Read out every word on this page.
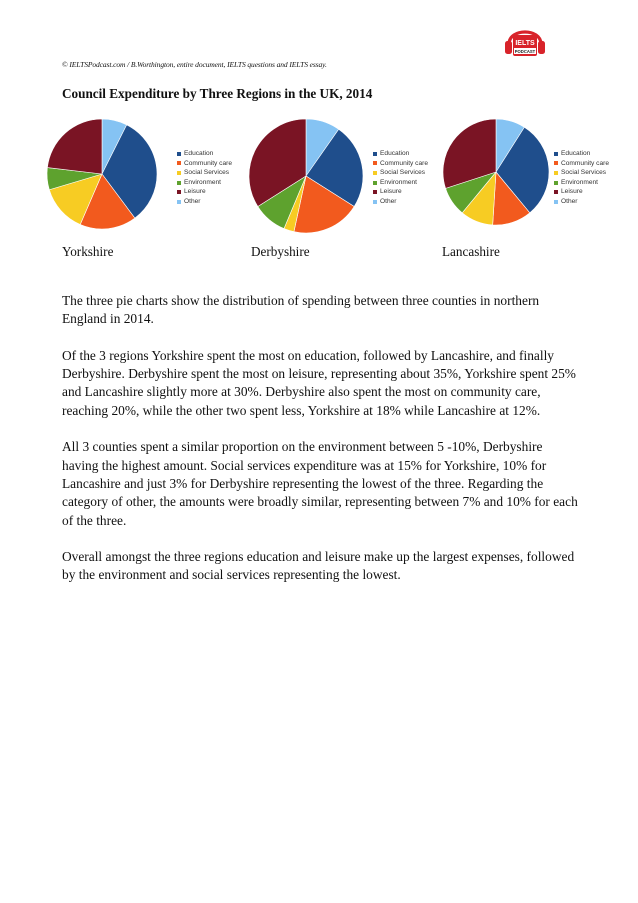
IELTS
PODCAST
© IELTSPodcast.com / B.Worthington, entire document, IELTS questions and IELTS essay.
Council Expenditure by Three Regions in the UK, 2014
Education
Community care
Social Services
Environment
Leisure
Other
Education
Community care
Social Services
Environment
Leisure
Other
Education
Community care
Social Services
Environment
Leisure
Other
Yorkshire	Derbyshire	Lancashire

The three pie charts show the distribution of spending between three counties in northern England in 2014.

Of the 3 regions Yorkshire spent the most on education, followed by Lancashire, and finally Derbyshire. Derbyshire spent the most on leisure, representing about 35%, Yorkshire spent 25% and Lancashire slightly more at 30%. Derbyshire also spent the most on community care, reaching 20%, while the other two spent less, Yorkshire at 18% while Lancashire at 12%.

All 3 counties spent a similar proportion on the environment between 5 -10%, Derbyshire having the highest amount. Social services expenditure was at 15% for Yorkshire, 10% for Lancashire and just 3% for Derbyshire representing the lowest of the three. Regarding the category of other, the amounts were broadly similar, representing between 7% and 10% for each of the three.

Overall amongst the three regions education and leisure make up the largest expenses, followed by the environment and social services representing the lowest.
